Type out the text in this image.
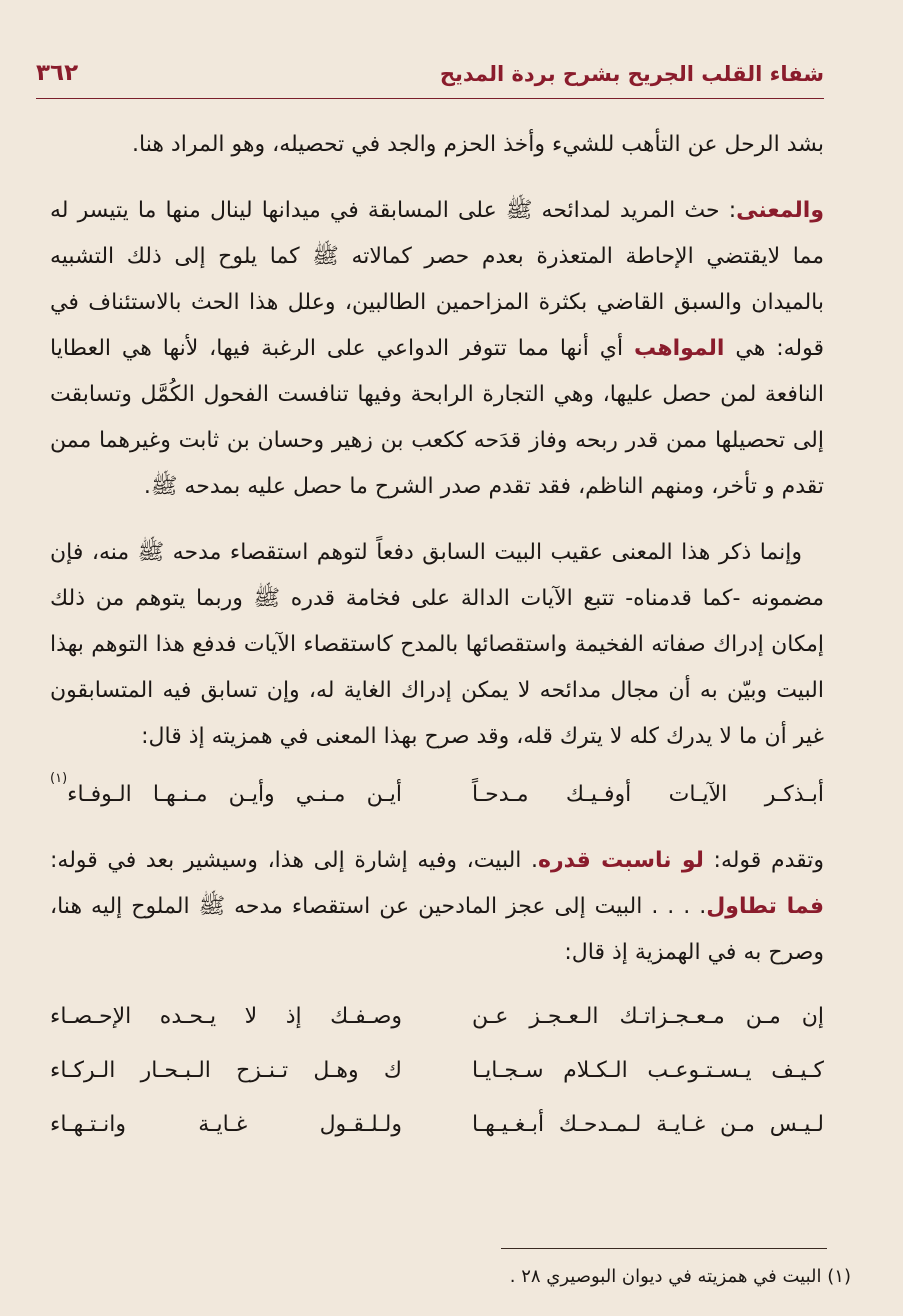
شفاء القلب الجريح بشرح بردة المديح
٣٦٢

بشد الرحل عن التأهب للشيء وأخذ الحزم والجد في تحصيله، وهو المراد هنا.

والمعنى: حث المريد لمدائحه ﷺ على المسابقة في ميدانها لينال منها ما يتيسر له مما لايقتضي الإحاطة المتعذرة بعدم حصر كمالاته ﷺ كما يلوح إلى ذلك التشبيه بالميدان والسبق القاضي بكثرة المزاحمين الطالبين، وعلل هذا الحث بالاستئناف في قوله: هي المواهب أي أنها مما تتوفر الدواعي على الرغبة فيها، لأنها هي العطايا النافعة لمن حصل عليها، وهي التجارة الرابحة وفيها تنافست الفحول الكُمَّل وتسابقت إلى تحصيلها ممن قدر ربحه وفاز قدَحه ككعب بن زهير وحسان بن ثابت وغيرهما ممن تقدم و تأخر، ومنهم الناظم، فقد تقدم صدر الشرح ما حصل عليه بمدحه ﷺ.

وإنما ذكر هذا المعنى عقيب البيت السابق دفعاً لتوهم استقصاء مدحه ﷺ منه، فإن مضمونه -كما قدمناه- تتبع الآيات الدالة على فخامة قدره ﷺ وربما يتوهم من ذلك إمكان إدراك صفاته الفخيمة واستقصائها بالمدح كاستقصاء الآيات فدفع هذا التوهم بهذا البيت وبيّن به أن مجال مدائحه لا يمكن إدراك الغاية له، وإن تسابق فيه المتسابقون غير أن ما لا يدرك كله لا يترك قله، وقد صرح بهذا المعنى في همزيته إذ قال:

أبـذكـر الآيـات أوفـيـك مـدحـاً
أيـن مـنـي وأيـن مـنـهـا الـوفـاء$^{(١)}$

وتقدم قوله: لو ناسبت قدره. البيت، وفيه إشارة إلى هذا، وسيشير بعد في قوله: فما تطاول. . . . البيت إلى عجز المادحين عن استقصاء مدحه ﷺ الملوح إليه هنا، وصرح به في الهمزية إذ قال:

إن مـن مـعـجـزاتـك الـعـجـز عـن
وصـفـك إذ لا يـحـده الإحـصـاء
كـيـف يـسـتـوعـب الـكـلام سـجـايـا
ك وهـل تـنـزح الـبـحـار الـركـاء
لـيـس مـن غـايـة لـمـدحـك أبـغـيـهـا
ولـلـقـول غـايـة وانـتـهـاء
(١) البيت في همزيته في ديوان البوصيري ٢٨ .
